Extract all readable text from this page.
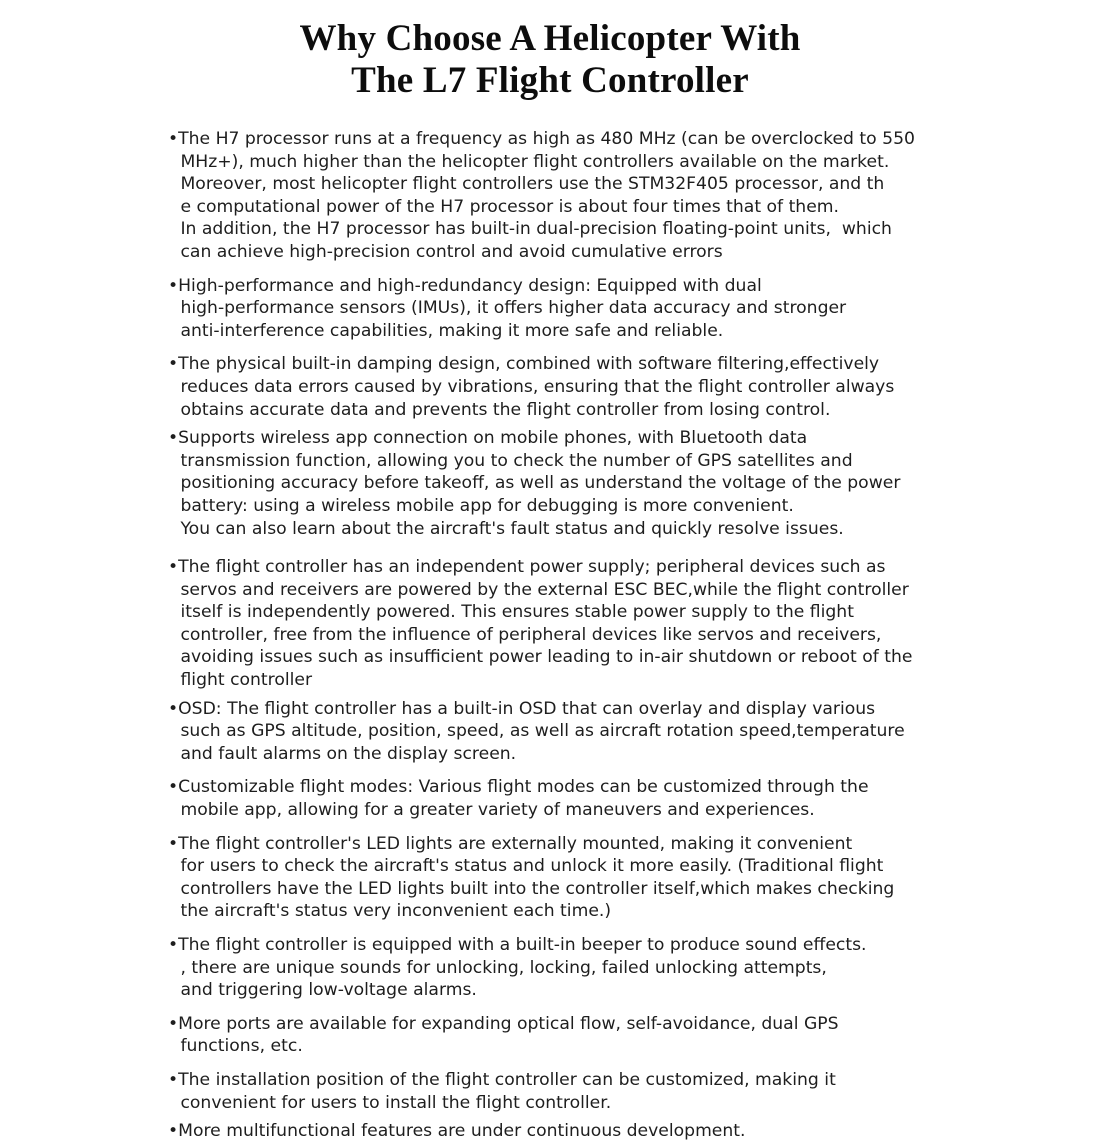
Why Choose A Helicopter With
The L7 Flight Controller

•The H7 processor runs at a frequency as high as 480 MHz (can be overclocked to 550

MHz+), much higher than the helicopter flight controllers available on the market.

Moreover, most helicopter flight controllers use the STM32F405 processor, and th

e computational power of the H7 processor is about four times that of them.

In addition, the H7 processor has built-in dual-precision floating-point units,  which

can achieve high-precision control and avoid cumulative errors

•High-performance and high-redundancy design: Equipped with dual

high-performance sensors (IMUs), it offers higher data accuracy and stronger

anti-interference capabilities, making it more safe and reliable.

•The physical built-in damping design, combined with software filtering,effectively

reduces data errors caused by vibrations, ensuring that the flight controller always

obtains accurate data and prevents the flight controller from losing control.

•Supports wireless app connection on mobile phones, with Bluetooth data

transmission function, allowing you to check the number of GPS satellites and

positioning accuracy before takeoff, as well as understand the voltage of the power

battery: using a wireless mobile app for debugging is more convenient.

You can also learn about the aircraft's fault status and quickly resolve issues.

•The flight controller has an independent power supply; peripheral devices such as

servos and receivers are powered by the external ESC BEC,while the flight controller

itself is independently powered. This ensures stable power supply to the flight

controller, free from the influence of peripheral devices like servos and receivers,

avoiding issues such as insufficient power leading to in-air shutdown or reboot of the

flight controller

•OSD: The flight controller has a built-in OSD that can overlay and display various

such as GPS altitude, position, speed, as well as aircraft rotation speed,temperature

and fault alarms on the display screen.

•Customizable flight modes: Various flight modes can be customized through the

mobile app, allowing for a greater variety of maneuvers and experiences.

•The flight controller's LED lights are externally mounted, making it convenient

for users to check the aircraft's status and unlock it more easily. (Traditional flight

controllers have the LED lights built into the controller itself,which makes checking

the aircraft's status very inconvenient each time.)

•The flight controller is equipped with a built-in beeper to produce sound effects.

, there are unique sounds for unlocking, locking, failed unlocking attempts,

and triggering low-voltage alarms.

•More ports are available for expanding optical flow, self-avoidance, dual GPS

functions, etc.

•The installation position of the flight controller can be customized, making it

convenient for users to install the flight controller.

•More multifunctional features are under continuous development.
